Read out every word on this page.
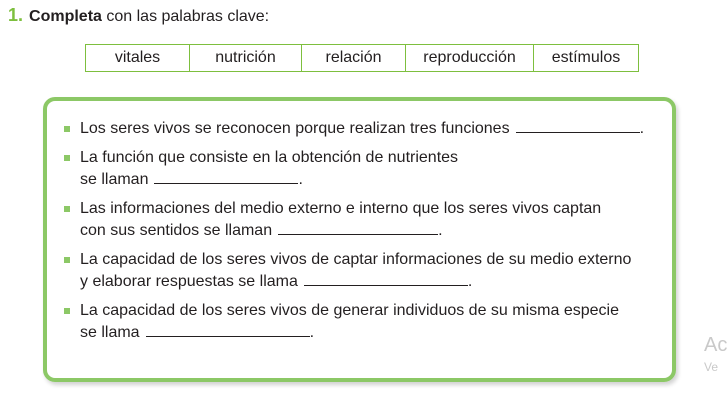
1. Completa con las palabras clave:
vitales	nutrición	relación	reproducción	estímulos
Los seres vivos se reconocen porque realizan tres funciones	.
La función que consiste en la obtención de nutrientes
se llaman	.
Las informaciones del medio externo e interno que los seres vivos captan
con sus sentidos se llaman	.
La capacidad de los seres vivos de captar informaciones de su medio externo
y elaborar respuestas se llama	.
La capacidad de los seres vivos de generar individuos de su misma especie
se llama	.
Ac
Ve
